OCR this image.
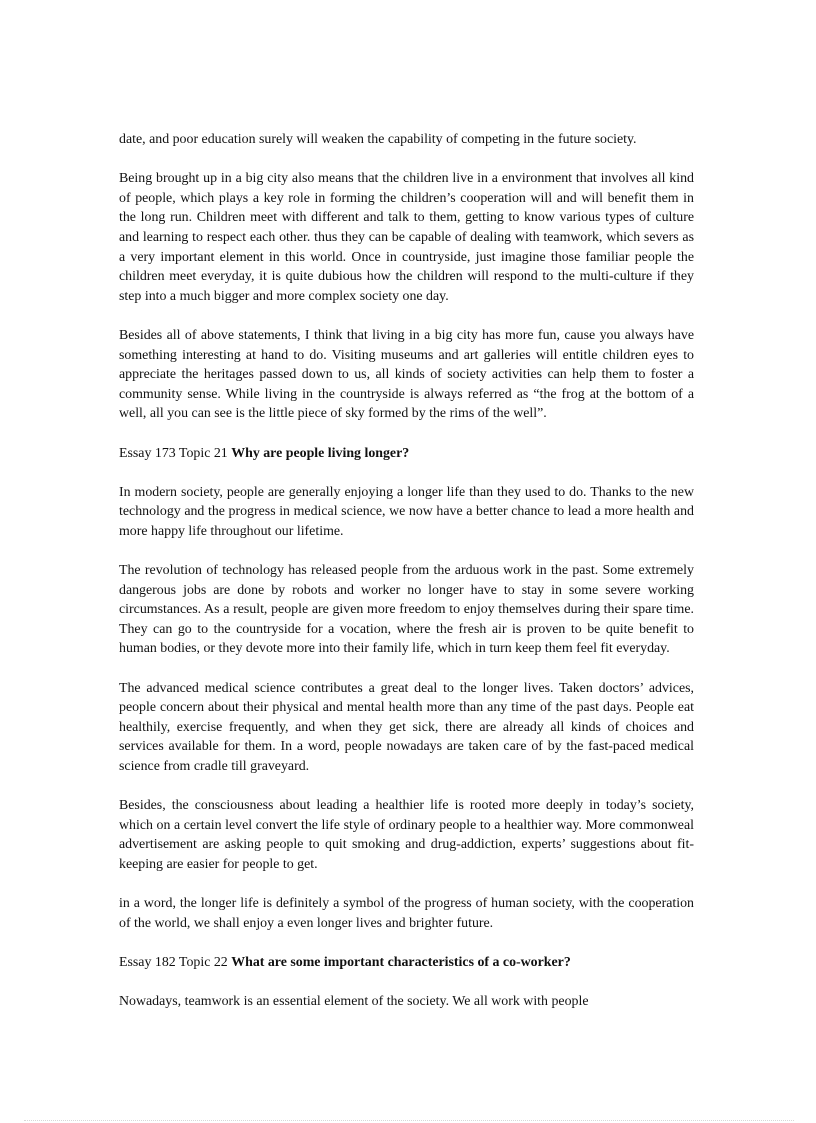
date, and poor education surely will weaken the capability of competing in the future society.

Being brought up in a big city also means that the children live in a environment that involves all kind of people, which plays a key role in forming the children’s cooperation will and will benefit them in the long run. Children meet with different and talk to them, getting to know various types of culture and learning to respect each other. thus they can be capable of dealing with teamwork, which severs as a very important element in this world. Once in countryside, just imagine those familiar people the children meet everyday, it is quite dubious how the children will respond to the multi-culture if they step into a much bigger and more complex society one day.

Besides all of above statements, I think that living in a big city has more fun, cause you always have something interesting at hand to do. Visiting museums and art galleries will entitle children eyes to appreciate the heritages passed down to us, all kinds of society activities can help them to foster a community sense. While living in the countryside is always referred as “the frog at the bottom of a well, all you can see is the little piece of sky formed by the rims of the well”.

Essay 173 Topic 21 Why are people living longer?

In modern society, people are generally enjoying a longer life than they used to do. Thanks to the new technology and the progress in medical science, we now have a better chance to lead a more health and more happy life throughout our lifetime.

The revolution of technology has released people from the arduous work in the past. Some extremely dangerous jobs are done by robots and worker no longer have to stay in some severe working circumstances. As a result, people are given more freedom to enjoy themselves during their spare time. They can go to the countryside for a vocation, where the fresh air is proven to be quite benefit to human bodies, or they devote more into their family life, which in turn keep them feel fit everyday.

The advanced medical science contributes a great deal to the longer lives. Taken doctors’ advices, people concern about their physical and mental health more than any time of the past days. People eat healthily, exercise frequently, and when they get sick, there are already all kinds of choices and services available for them. In a word, people nowadays are taken care of by the fast-paced medical science from cradle till graveyard.

Besides, the consciousness about leading a healthier life is rooted more deeply in today’s society, which on a certain level convert the life style of ordinary people to a healthier way. More commonweal advertisement are asking people to quit smoking and drug-addiction, experts’ suggestions about fit-keeping are easier for people to get.

in a word, the longer life is definitely a symbol of the progress of human society, with the cooperation of the world, we shall enjoy a even longer lives and brighter future.

Essay 182 Topic 22 What are some important characteristics of a co-worker?

Nowadays, teamwork is an essential element of the society. We all work with people
